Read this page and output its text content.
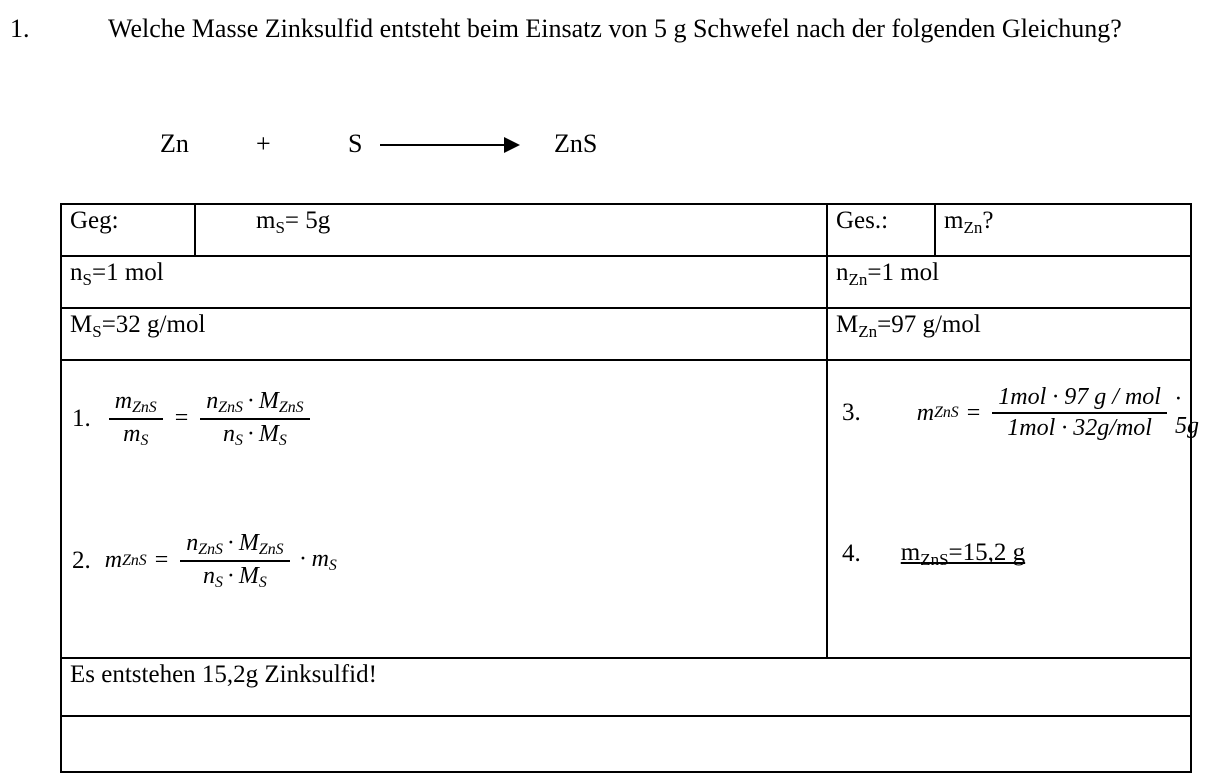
1.	Welche Masse Zinksulfid entsteht beim Einsatz von 5 g Schwefel nach der folgenden Gleichung?
Zn	+	S	ZnS
Geg:	$m_S= 5g$	Ges.:	$m_{Zn}$?
$n_S=1$ mol		$n_{Zn}=1$ mol	
$M_S=32$ g/mol		$M_{Zn}=97$ g/mol	

1. $\frac{\text{mZnS}}{mS} = \frac{\text{nZnS · MZnS}}{nS \cdot MS}$
2. m ZnS = $\frac{\text{nZnS · MZnS}}{nS \cdot MS}$ · mS

3. m ZnS = $\frac{\text{1mol · 97 g / mol}}{\text{1mol · 32g/mol}} \cdot 5g$
4. $m_{ZnS}=15,2$ g

Es entstehen 15,2g Zinksulfid!			
